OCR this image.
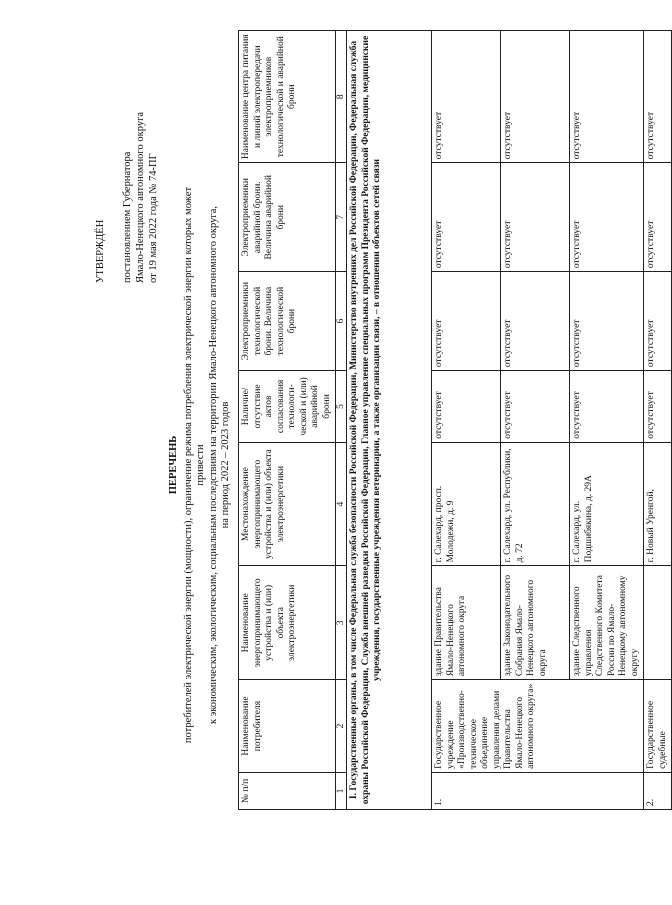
УТВЕРЖДЁН постановлением Губернатора Ямало-Ненецкого автономного округа от 19 мая 2022 года № 74-ПГ
ПЕРЕЧЕНЬ потребителей электрической энергии (мощности), ограничение режима потребления электрической энергии которых может привести к экономическим, экологическим, социальным последствиям на территории Ямало-Ненецкого автономного округа, на период 2022 – 2023 годов
№ п/п	Наименование потребителя	Наименование энергопринимающего устройства и (или) объекта электроэнергетики	Местонахождение энергопринимающего устройства и (или) объекта электроэнергетики	Наличие/ отсутствие актов согласования технологи-ческой и (или) аварийной брони	Электроприемники технологической брони. Величина технологической брони	Электроприемники аварийной брони. Величина аварийной брони	Наименование центра питания и линий электропередачи электроприемников технологической и аварийной брони
1	2	3	4	5	6	7	8
I. Государственные органы, в том числе Федеральная служба безопасности Российской Федерации, Министерство внутренних дел Российской Федерации, Федеральная служба охраны Российской Федерации, Служба внешней разведки Российской Федерации, Главное управление специальных программ Президента Российской Федерации, медицинские учреждения, государственные учреждения ветеринарии, а также организации связи, – в отношении объектов сетей связи							
1.	Государственное учреждение «Производственно-техническое объединение управления делами Правительства Ямало-Ненецкого автономного округа»	здание Правительства Ямало-Ненецкого автономного округа	г. Салехард, просп. Молодежи, д. 9	отсутствует	отсутствует	отсутствует	отсутствует
		здание Законодательного Собрания Ямало-Ненецкого автономного округа	г. Салехард, ул. Республики, д. 72	отсутствует	отсутствует	отсутствует	отсутствует
		здание Следственного управления Следственного Комитета России по Ямало-Ненецкому автономному округу	г. Салехард, ул. Подшибякина, д. 29А	отсутствует	отсутствует	отсутствует	отсутствует
2.	Государственное судебные		г. Новый Уренгой,	отсутствует	отсутствует	отсутствует	отсутствует
